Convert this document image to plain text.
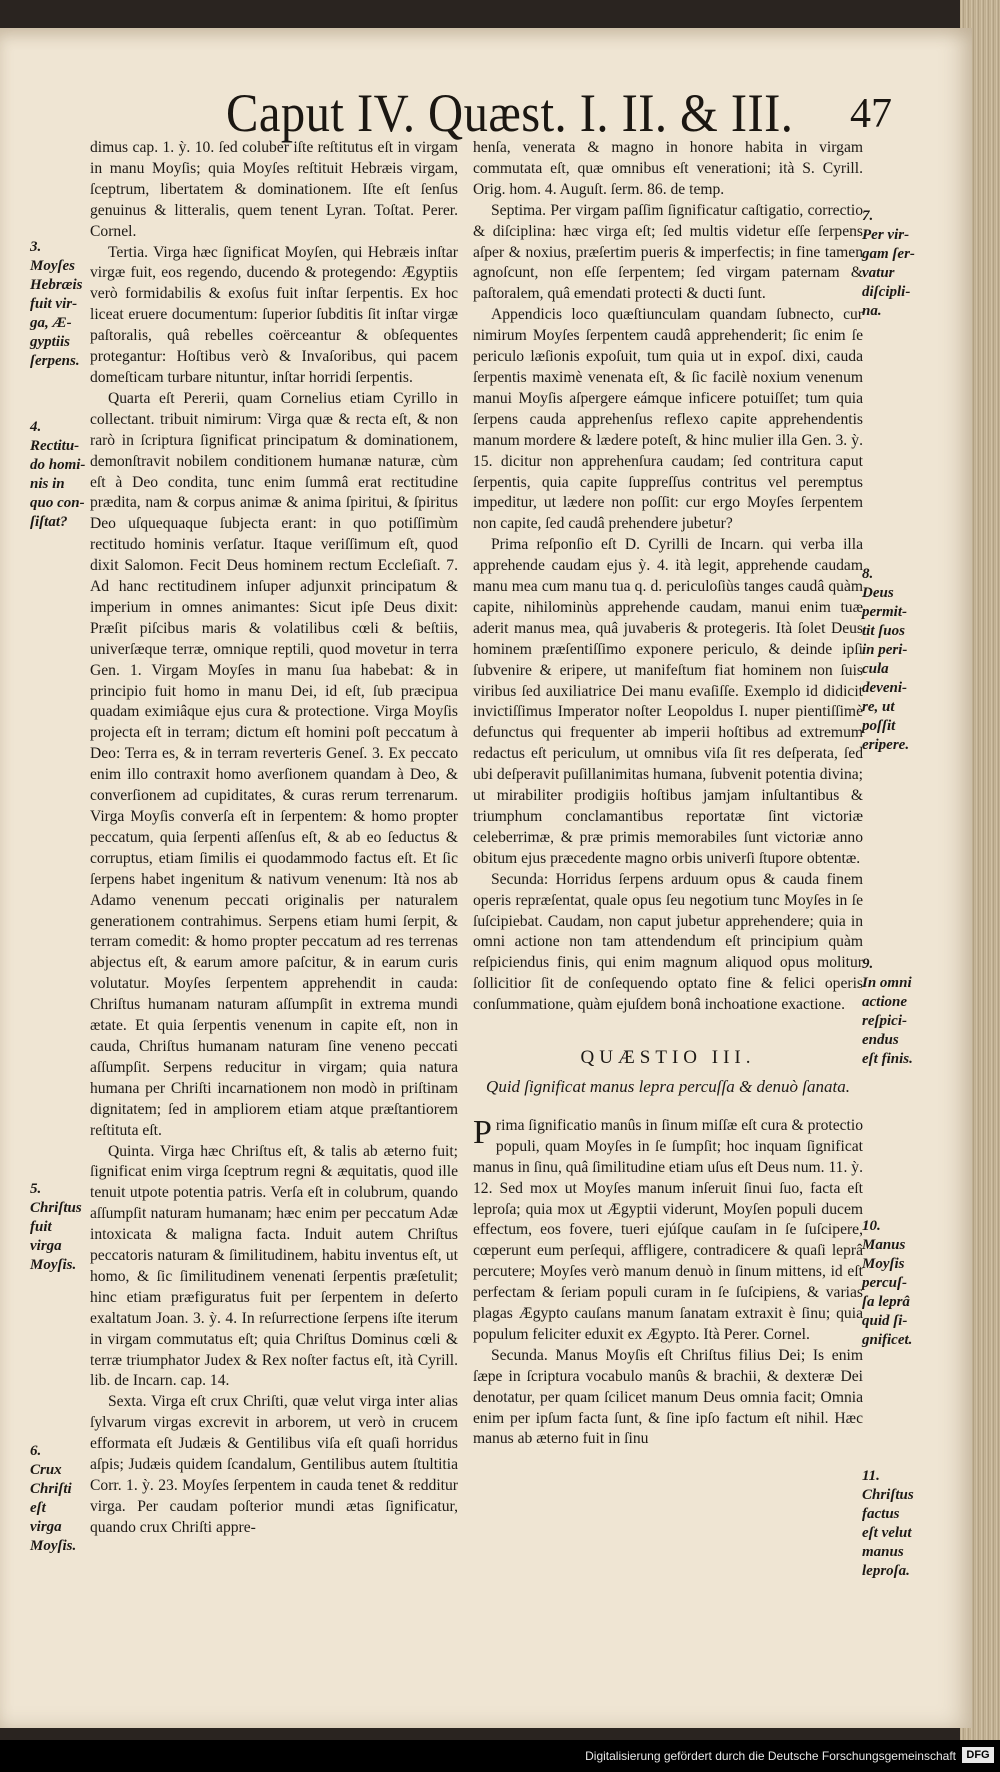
Caput IV. Quæst. I. II. & III. 47

dimus cap. 1. ỳ. 10. ſed coluber iſte reſtitutus eſt in virgam in manu Moyſis; quia Moyſes reſtituit Hebræis virgam, ſceptrum, libertatem & dominationem. Iſte eſt ſenſus genuinus & litteralis, quem tenent Lyran. Toſtat. Perer. Cornel.

Tertia. Virga hæc ſignificat Moyſen, qui Hebræis inſtar virgæ fuit, eos regendo, ducendo & protegendo: Ægyptiis verò formidabilis & exoſus fuit inſtar ſerpentis. Ex hoc liceat eruere documentum: ſuperior ſubditis ſit inſtar virgæ paſtoralis, quâ rebelles coërceantur & obſequentes protegantur: Hoſtibus verò & Invaſoribus, qui pacem domeſticam turbare nituntur, inſtar horridi ſerpentis.

Quarta eſt Pererii, quam Cornelius etiam Cyrillo in collectant. tribuit nimirum: Virga quæ & recta eſt, & non rarò in ſcriptura ſignificat principatum & dominationem, demonſtravit nobilem conditionem humanæ naturæ, cùm eſt à Deo condita, tunc enim ſummâ erat rectitudine prædita, nam & corpus animæ & anima ſpiritui, & ſpiritus Deo uſquequaque ſubjecta erant: in quo potiſſimùm rectitudo hominis verſatur. Itaque veriſſimum eſt, quod dixit Salomon. Fecit Deus hominem rectum Eccleſiaſt. 7. Ad hanc rectitudinem inſuper adjunxit principatum & imperium in omnes animantes: Sicut ipſe Deus dixit: Præſit piſcibus maris & volatilibus cœli & beſtiis, univerſæque terræ, omnique reptili, quod movetur in terra Gen. 1. Virgam Moyſes in manu ſua habebat: & in principio fuit homo in manu Dei, id eſt, ſub præcipua quadam eximiâque ejus cura & protectione. Virga Moyſis projecta eſt in terram; dictum eſt homini poſt peccatum à Deo: Terra es, & in terram reverteris Geneſ. 3. Ex peccato enim illo contraxit homo averſionem quandam à Deo, & converſionem ad cupiditates, & curas rerum terrenarum. Virga Moyſis converſa eſt in ſerpentem: & homo propter peccatum, quia ſerpenti aſſenſus eſt, & ab eo ſeductus & corruptus, etiam ſimilis ei quodammodo factus eſt. Et ſic ſerpens habet ingenitum & nativum venenum: Ità nos ab Adamo venenum peccati originalis per naturalem generationem contrahimus. Serpens etiam humi ſerpit, & terram comedit: & homo propter peccatum ad res terrenas abjectus eſt, & earum amore paſcitur, & in earum curis volutatur. Moyſes ſerpentem apprehendit in cauda: Chriſtus humanam naturam aſſumpſit in extrema mundi ætate. Et quia ſerpentis venenum in capite eſt, non in cauda, Chriſtus humanam naturam ſine veneno peccati aſſumpſit. Serpens reducitur in virgam; quia natura humana per Chriſti incarnationem non modò in priſtinam dignitatem; ſed in ampliorem etiam atque præſtantiorem reſtituta eſt.

Quinta. Virga hæc Chriſtus eſt, & talis ab æterno fuit; ſignificat enim virga ſceptrum regni & æquitatis, quod ille tenuit utpote potentia patris. Verſa eſt in colubrum, quando aſſumpſit naturam humanam; hæc enim per peccatum Adæ intoxicata & maligna facta. Induit autem Chriſtus peccatoris naturam & ſimilitudinem, habitu inventus eſt, ut homo, & ſic ſimilitudinem venenati ſerpentis præſetulit; hinc etiam præfiguratus fuit per ſerpentem in deſerto exaltatum Joan. 3. ỳ. 4. In reſurrectione ſerpens iſte iterum in virgam commutatus eſt; quia Chriſtus Dominus cœli & terræ triumphator Judex & Rex noſter factus eſt, ità Cyrill. lib. de Incarn. cap. 14.

Sexta. Virga eſt crux Chriſti, quæ velut virga inter alias ſylvarum virgas excrevit in arborem, ut verò in crucem efformata eſt Judæis & Gentilibus viſa eſt quaſi horridus aſpis; Judæis quidem ſcandalum, Gentilibus autem ſtultitia Corr. 1. ỳ. 23. Moyſes ſerpentem in cauda tenet & redditur virga. Per caudam poſterior mundi ætas ſignificatur, quando crux Chriſti appre-

henſa, venerata & magno in honore habita in virgam commutata eſt, quæ omnibus eſt venerationi; ità S. Cyrill. Orig. hom. 4. Auguſt. ſerm. 86. de temp.

Septima. Per virgam paſſim ſignificatur caſtigatio, correctio & diſciplina: hæc virga eſt; ſed multis videtur eſſe ſerpens aſper & noxius, præſertim pueris & imperfectis; in fine tamen agnoſcunt, non eſſe ſerpentem; ſed virgam paternam & paſtoralem, quâ emendati protecti & ducti ſunt.

Appendicis loco quæſtiunculam quandam ſubnecto, cur nimirum Moyſes ſerpentem caudâ apprehenderit; ſic enim ſe periculo læſionis expoſuit, tum quia ut in expoſ. dixi, cauda ſerpentis maximè venenata eſt, & ſic facilè noxium venenum manui Moyſis aſpergere eámque inficere potuiſſet; tum quia ſerpens cauda apprehenſus reflexo capite apprehendentis manum mordere & lædere poteſt, & hinc mulier illa Gen. 3. ỳ. 15. dicitur non apprehenſura caudam; ſed contritura caput ſerpentis, quia capite ſuppreſſus contritus vel peremptus impeditur, ut lædere non poſſit: cur ergo Moyſes ſerpentem non capite, ſed caudâ prehendere jubetur?

Prima reſponſio eſt D. Cyrilli de Incarn. qui verba illa apprehende caudam ejus ỳ. 4. ità legit, apprehende caudam manu mea cum manu tua q. d. periculoſiùs tanges caudâ quàm capite, nihilominùs apprehende caudam, manui enim tuæ aderit manus mea, quâ juvaberis & protegeris. Ità ſolet Deus hominem præſentiſſimo exponere periculo, & deinde ipſi ſubvenire & eripere, ut manifeſtum fiat hominem non ſuis viribus ſed auxiliatrice Dei manu evaſiſſe. Exemplo id didicit invictiſſimus Imperator noſter Leopoldus I. nuper pientiſſimè defunctus qui frequenter ab imperii hoſtibus ad extremum redactus eſt periculum, ut omnibus viſa ſit res deſperata, ſed ubi deſperavit puſillanimitas humana, ſubvenit potentia divina; ut mirabiliter prodigiis hoſtibus jamjam inſultantibus & triumphum conclamantibus reportatæ ſint victoriæ celeberrimæ, & præ primis memorabiles ſunt victoriæ anno obitum ejus præcedente magno orbis univerſi ſtupore obtentæ.

Secunda: Horridus ſerpens arduum opus & cauda finem operis repræſentat, quale opus ſeu negotium tunc Moyſes in ſe ſuſcipiebat. Caudam, non caput jubetur apprehendere; quia in omni actione non tam attendendum eſt principium quàm reſpiciendus finis, qui enim magnum aliquod opus molitur ſollicitior ſit de conſequendo optato fine & felici operis conſummatione, quàm ejuſdem bonâ inchoatione exactione.

QUÆSTIO III.
Quid ſignificat manus lepra percuſſa & denuò ſanata.

Prima ſignificatio manûs in ſinum miſſæ eſt cura & protectio populi, quam Moyſes in ſe ſumpſit; hoc inquam ſignificat manus in ſinu, quâ ſimilitudine etiam uſus eſt Deus num. 11. ỳ. 12. Sed mox ut Moyſes manum inſeruit ſinui ſuo, facta eſt leproſa; quia mox ut Ægyptii viderunt, Moyſen populi ducem effectum, eos fovere, tueri ejúſque cauſam in ſe ſuſcipere, cœperunt eum perſequi, affligere, contradicere & quaſi leprâ percutere; Moyſes verò manum denuò in ſinum mittens, id eſt perfectam & ſeriam populi curam in ſe ſuſcipiens, & varias plagas Ægypto cauſans manum ſanatam extraxit è ſinu; quia populum feliciter eduxit ex Ægypto. Ità Perer. Cornel.

Secunda. Manus Moyſis eſt Chriſtus filius Dei; Is enim ſæpe in ſcriptura vocabulo manûs & brachii, & dexteræ Dei denotatur, per quam ſcilicet manum Deus omnia facit; Omnia enim per ipſum facta ſunt, & ſine ipſo factum eſt nihil. Hæc manus ab æterno fuit in ſinu

3.
Moyſes
Hebræis
fuit vir-
ga, Æ-
gyptiis
ſerpens.
4.
Rectitu-
do homi-
nis in
quo con-
ſiſtat?
5.
Chriſtus
fuit
virga
Moyſis.
6.
Crux
Chriſti
eſt
virga
Moyſis.
7.
Per vir-
gam ſer-
vatur
diſcipli-
na.
8.
Deus
permit-
tit ſuos
in peri-
cula
deveni-
re, ut
poſſit
eripere.
9.
In omni
actione
reſpici-
endus
eſt finis.
10.
Manus
Moyſis
percuſ-
ſa leprâ
quid ſi-
gnificet.
11.
Chriſtus
factus
eſt velut
manus
leproſa.
Digitalisierung gefördert durch die Deutsche Forschungsgemeinschaft DFG
